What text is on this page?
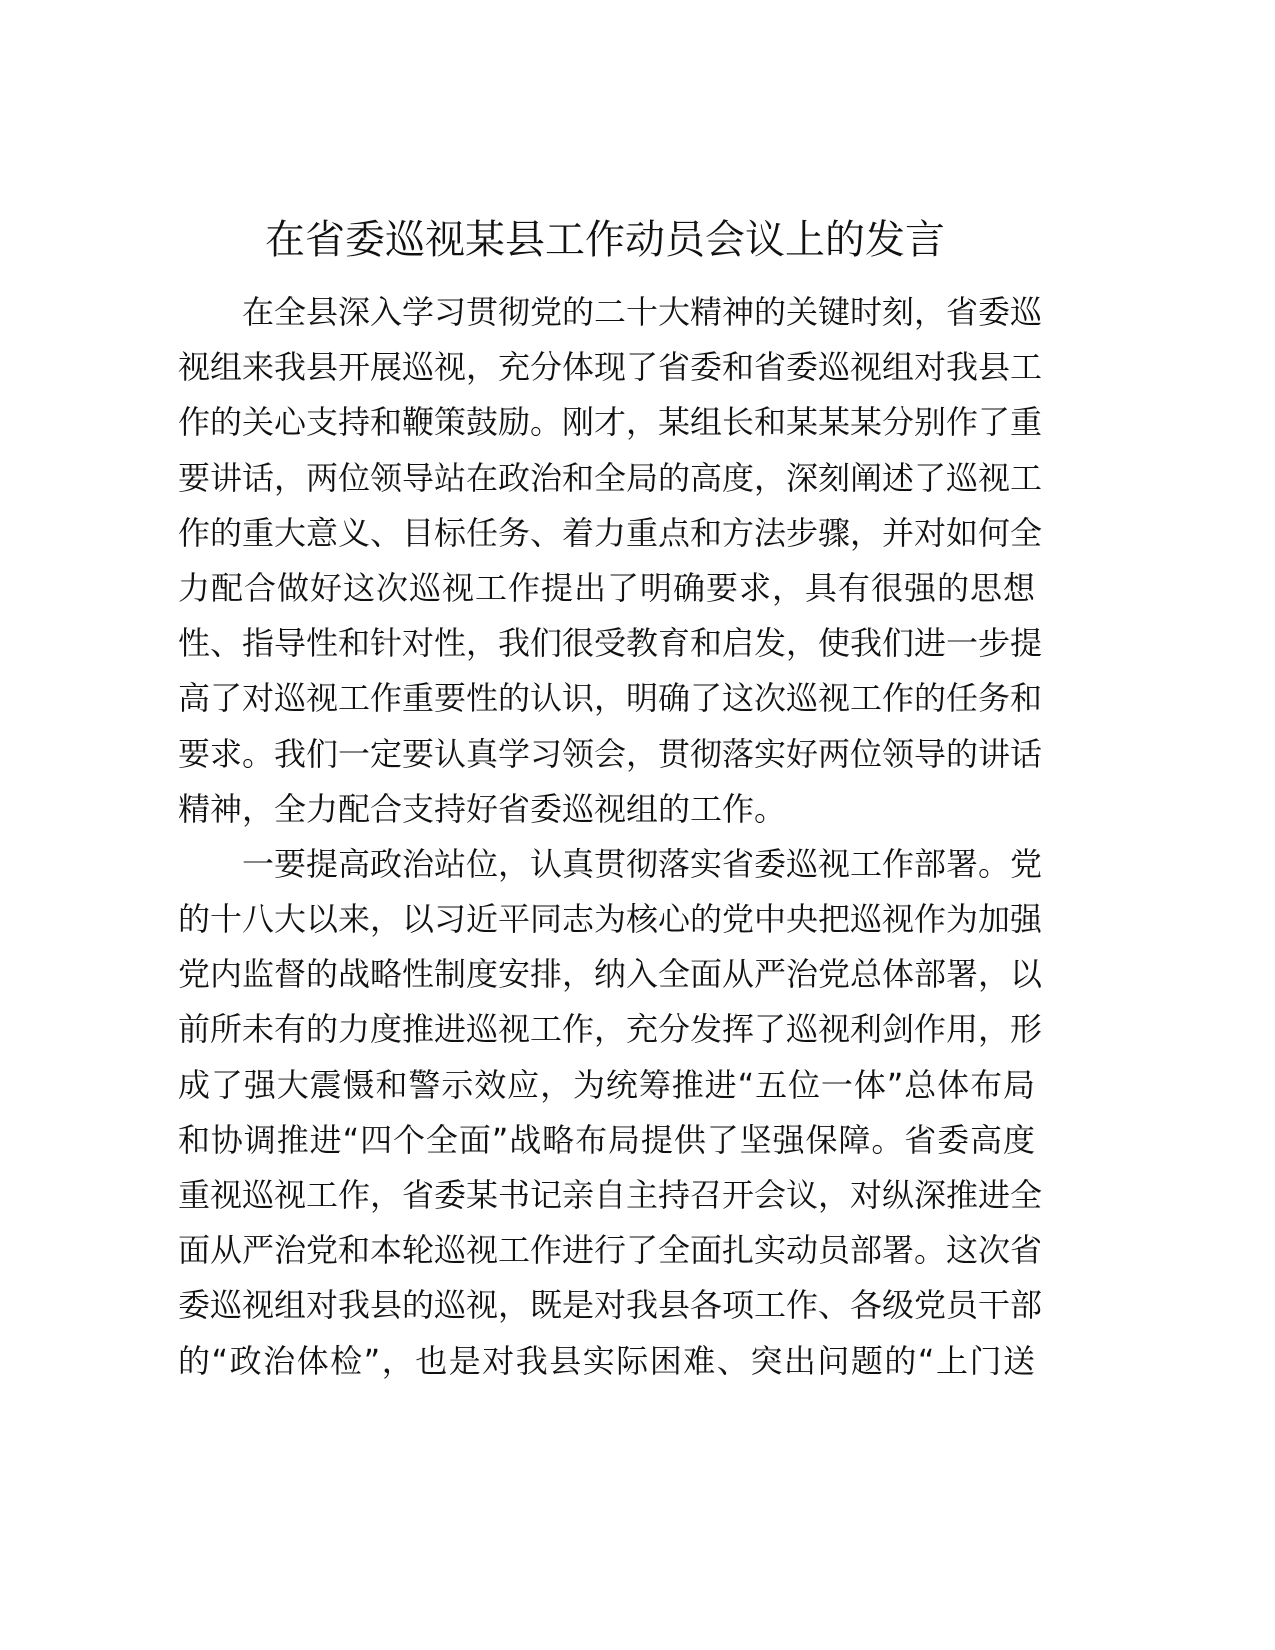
在省委巡视某县工作动员会议上的发言
在全县深入学习贯彻党的二十大精神的关键时刻，省委巡
视组来我县开展巡视，充分体现了省委和省委巡视组对我县工
作的关心支持和鞭策鼓励。刚才，某组长和某某某分别作了重
要讲话，两位领导站在政治和全局的高度，深刻阐述了巡视工
作的重大意义、目标任务、着力重点和方法步骤，并对如何全
力配合做好这次巡视工作提出了明确要求，具有很强的思想
性、指导性和针对性，我们很受教育和启发，使我们进一步提
高了对巡视工作重要性的认识，明确了这次巡视工作的任务和
要求。我们一定要认真学习领会，贯彻落实好两位领导的讲话
精神，全力配合支持好省委巡视组的工作。
一要提高政治站位，认真贯彻落实省委巡视工作部署。党
的十八大以来，以习近平同志为核心的党中央把巡视作为加强
党内监督的战略性制度安排，纳入全面从严治党总体部署，以
前所未有的力度推进巡视工作，充分发挥了巡视利剑作用，形
成了强大震慑和警示效应，为统筹推进“五位一体”总体布局
和协调推进“四个全面”战略布局提供了坚强保障。省委高度
重视巡视工作，省委某书记亲自主持召开会议，对纵深推进全
面从严治党和本轮巡视工作进行了全面扎实动员部署。这次省
委巡视组对我县的巡视，既是对我县各项工作、各级党员干部
的“政治体检”，也是对我县实际困难、突出问题的“上门送
